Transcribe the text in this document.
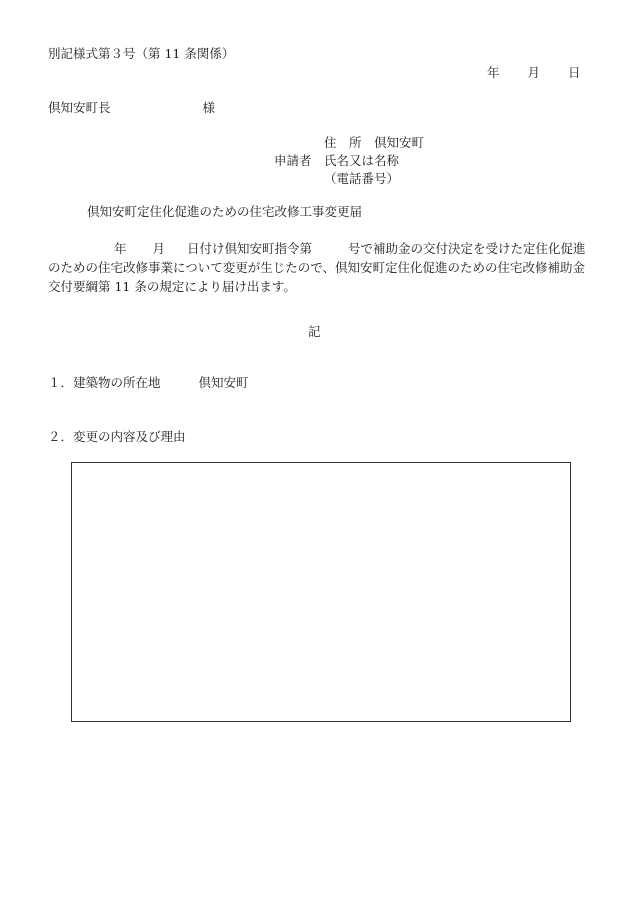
別記様式第３号（第 11 条関係）
年 月 日
倶知安町長	様
住　所 倶知安町
申請者 氏名又は名称
（電話番号）
倶知安町定住化促進のための住宅改修工事変更届
年 月 日付け倶知安町指令第	号で補助金の交付決定を受けた定住化促進のための住宅改修事業について変更が生じたので、倶知安町定住化促進のための住宅改修補助金交付要綱第 11 条の規定により届け出ます。
記
１．建築物の所在地	倶知安町
２．変更の内容及び理由
